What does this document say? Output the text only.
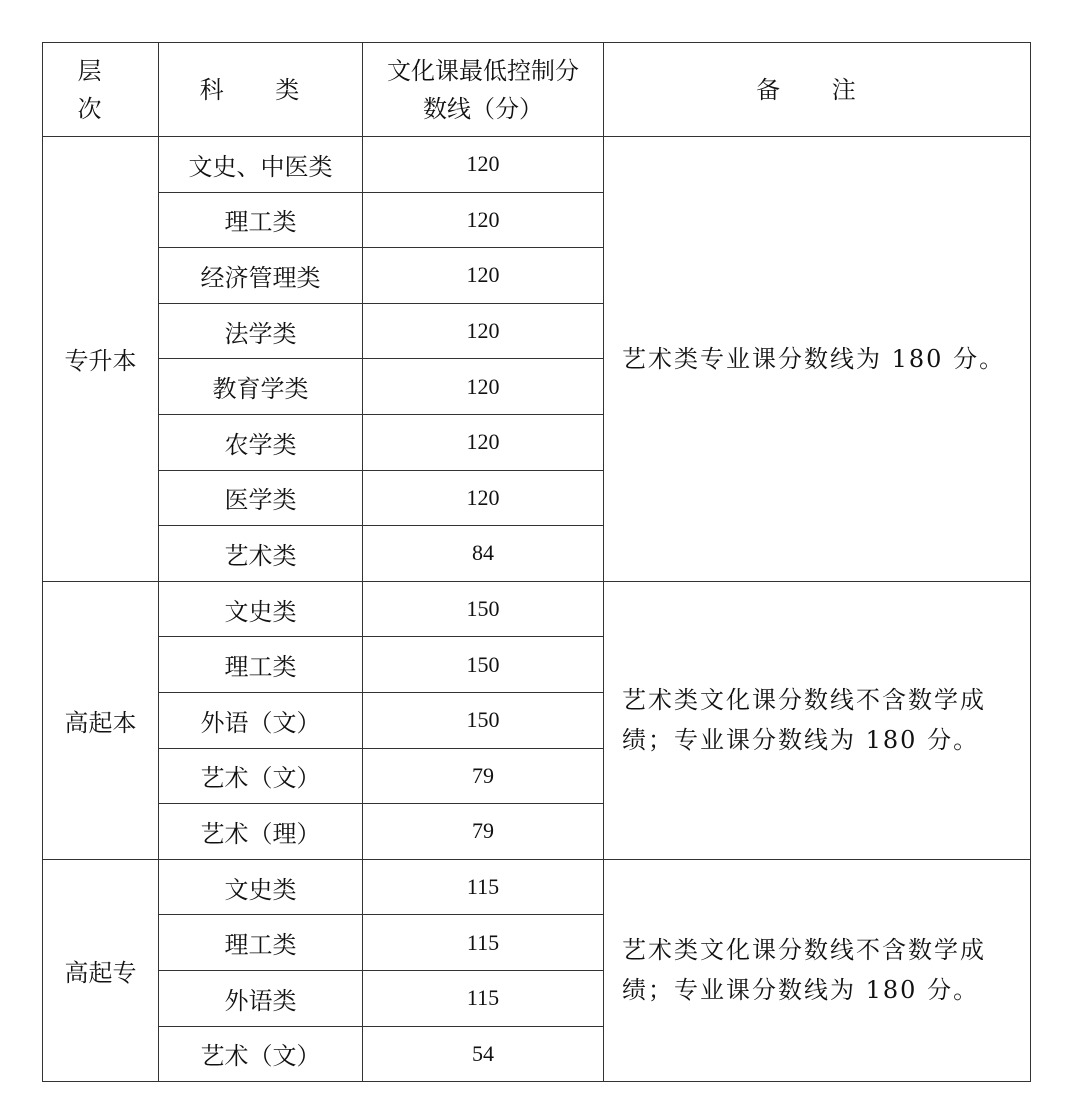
层 次	科 类	文化课最低控制分
数线（分）	备 注
专升本	文史、中医类	120	艺术类专业课分数线为 180 分。
	理工类	120	
	经济管理类	120	
	法学类	120	
	教育学类	120	
	农学类	120	
	医学类	120	
	艺术类	84	
高起本	文史类	150	艺术类文化课分数线不含数学成绩；专业课分数线为 180 分。
	理工类	150	
	外语（文）	150	
	艺术（文）	79	
	艺术（理）	79	
高起专	文史类	115	艺术类文化课分数线不含数学成绩；专业课分数线为 180 分。
	理工类	115	
	外语类	115	
	艺术（文）	54	
